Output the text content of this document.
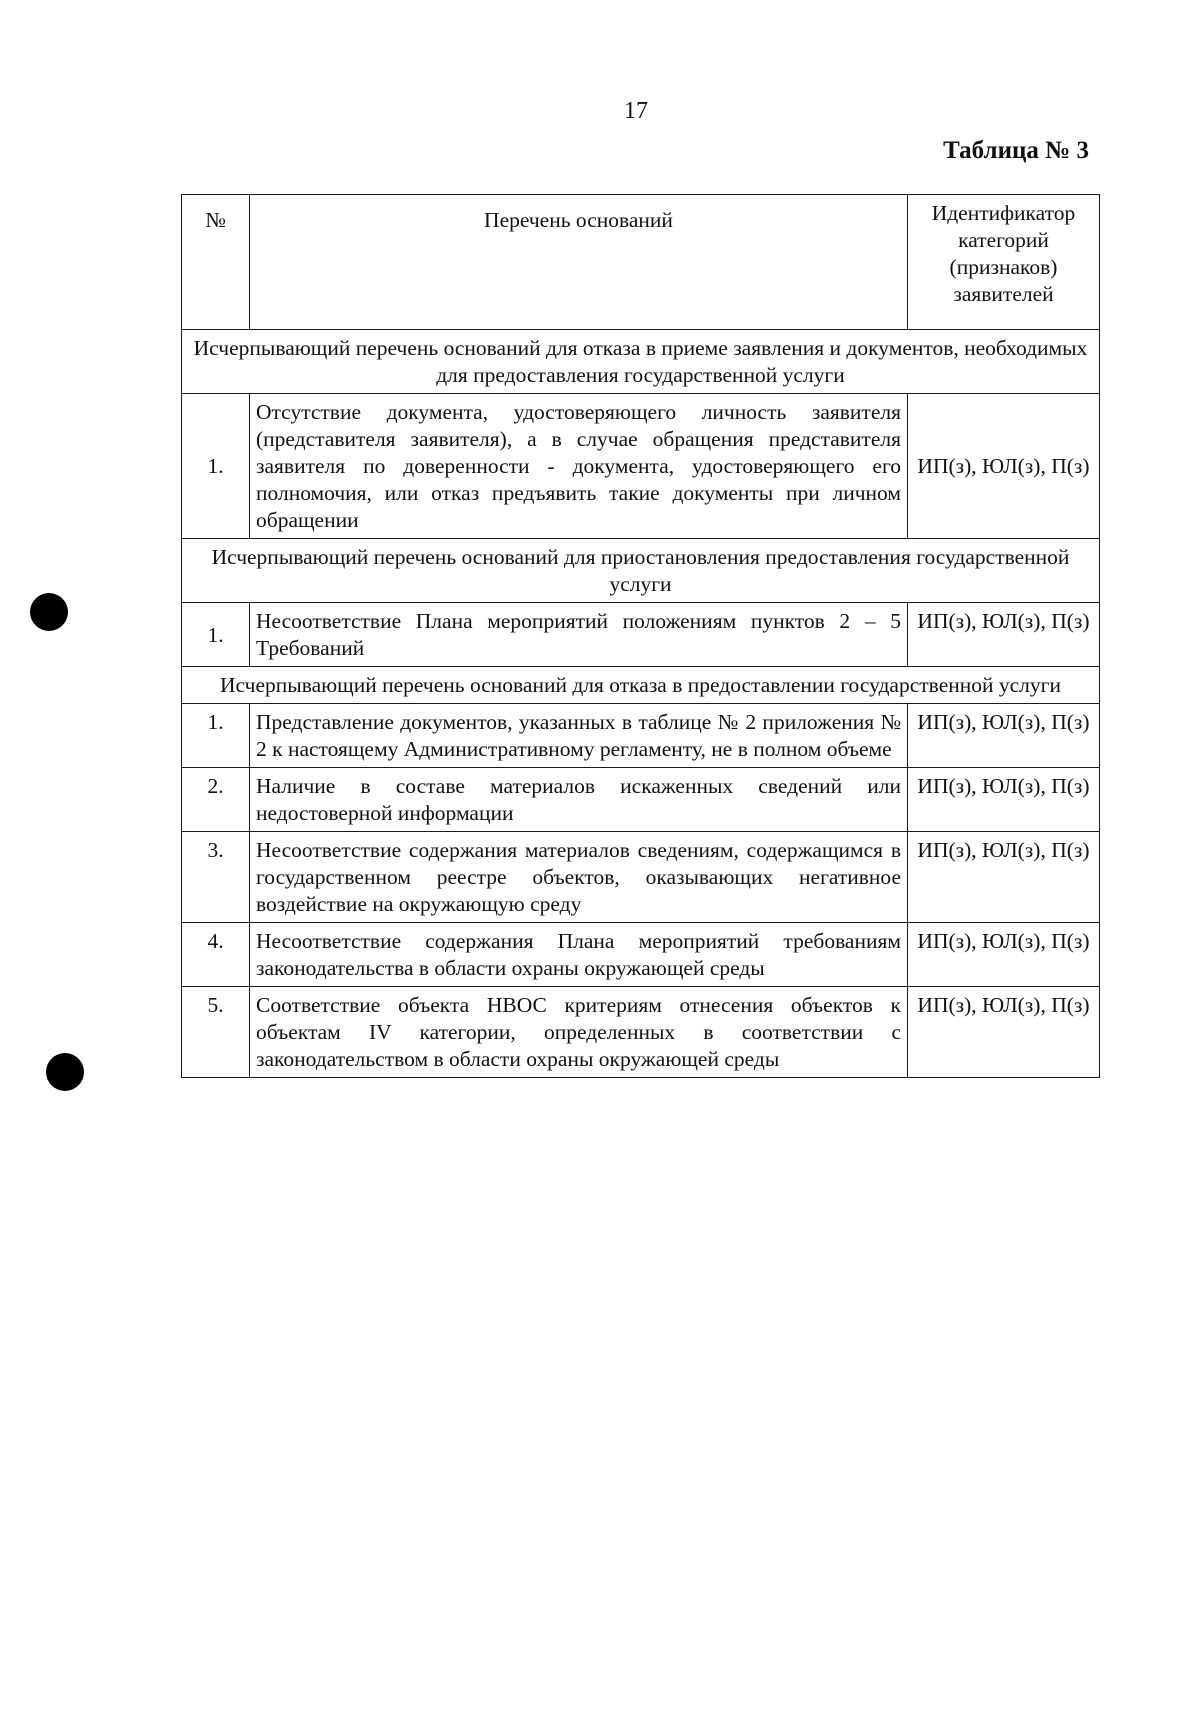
17
Таблица № 3
№	Перечень оснований	Идентификатор категорий (признаков) заявителей
Исчерпывающий перечень оснований для отказа в приеме заявления и документов, необходимых для предоставления государственной услуги		
1.	Отсутствие документа, удостоверяющего личность заявителя (представителя заявителя), а в случае обращения представителя заявителя по доверенности - документа, удостоверяющего его полномочия, или отказ предъявить такие документы при личном обращении	ИП(з), ЮЛ(з), П(з)
Исчерпывающий перечень оснований для приостановления предоставления государственной услуги		
1.	Несоответствие Плана мероприятий положениям пунктов 2 – 5 Требований	ИП(з), ЮЛ(з), П(з)
Исчерпывающий перечень оснований для отказа в предоставлении государственной услуги		
1.	Представление документов, указанных в таблице № 2 приложения № 2 к настоящему Административному регламенту, не в полном объеме	ИП(з), ЮЛ(з), П(з)
2.	Наличие в составе материалов искаженных сведений или недостоверной информации	ИП(з), ЮЛ(з), П(з)
3.	Несоответствие содержания материалов сведениям, содержащимся в государственном реестре объектов, оказывающих негативное воздействие на окружающую среду	ИП(з), ЮЛ(з), П(з)
4.	Несоответствие содержания Плана мероприятий требованиям законодательства в области охраны окружающей среды	ИП(з), ЮЛ(з), П(з)
5.	Соответствие объекта НВОС критериям отнесения объектов к объектам IV категории, определенных в соответствии с законодательством в области охраны окружающей среды	ИП(з), ЮЛ(з), П(з)
